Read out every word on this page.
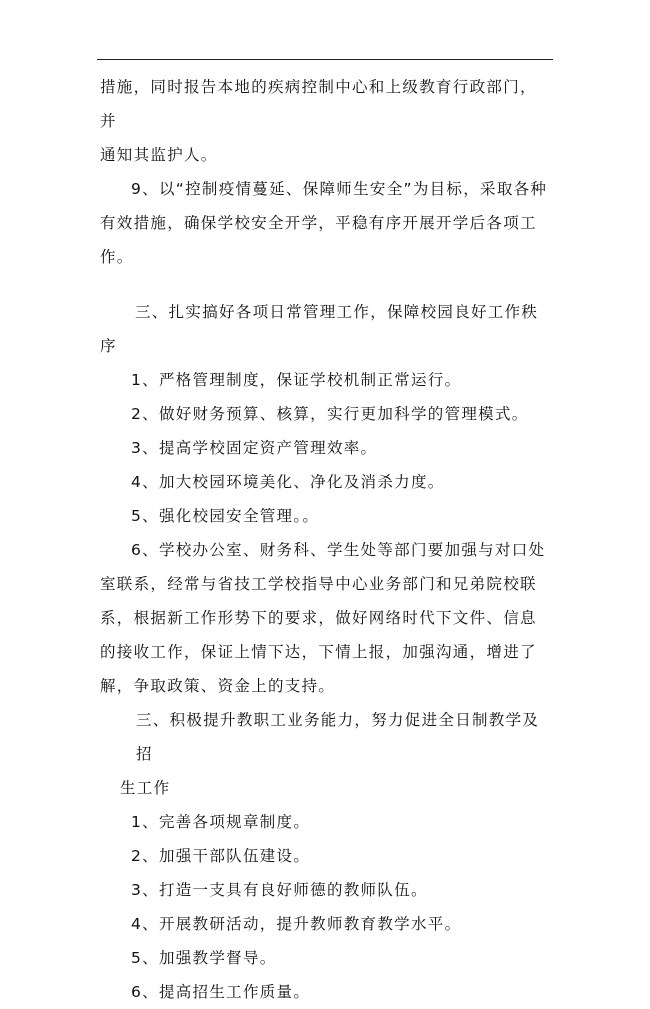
措施，同时报告本地的疾病控制中心和上级教育行政部门，并

通知其监护人。

9、以“控制疫情蔓延、保障师生安全”为目标，采取各种有效措施，确保学校安全开学，平稳有序开展开学后各项工作。

三、扎实搞好各项日常管理工作，保障校园良好工作秩序

1、严格管理制度，保证学校机制正常运行。

2、做好财务预算、核算，实行更加科学的管理模式。

3、提高学校固定资产管理效率。

4、加大校园环境美化、净化及消杀力度。

5、强化校园安全管理。。

6、学校办公室、财务科、学生处等部门要加强与对口处室联系，经常与省技工学校指导中心业务部门和兄弟院校联系，根据新工作形势下的要求，做好网络时代下文件、信息的接收工作，保证上情下达，下情上报，加强沟通，增进了解，争取政策、资金上的支持。

三、积极提升教职工业务能力，努力促进全日制教学及招

生工作

1、完善各项规章制度。

2、加强干部队伍建设。

3、打造一支具有良好师德的教师队伍。

4、开展教研活动，提升教师教育教学水平。

5、加强教学督导。

6、提高招生工作质量。
